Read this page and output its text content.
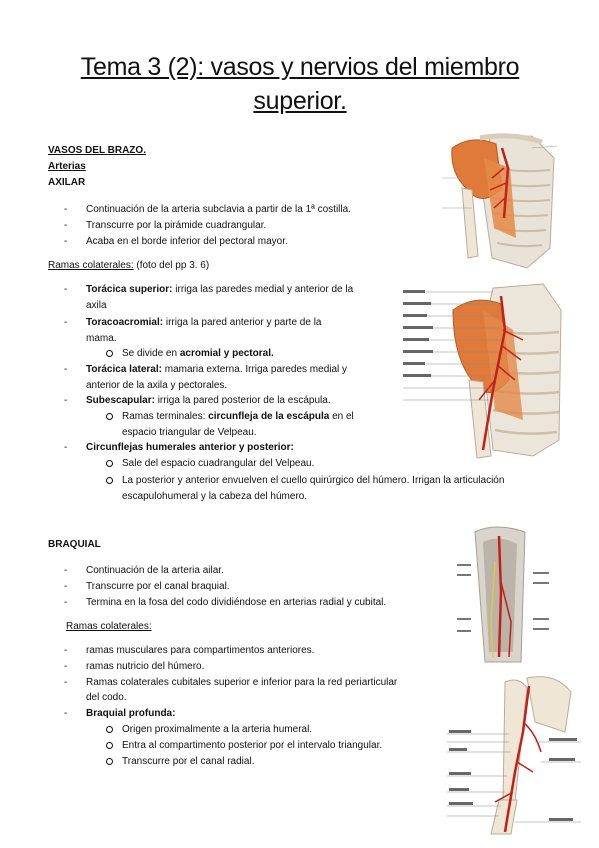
Tema 3 (2): vasos y nervios del miembro
superior.
VASOS DEL BRAZO.
Arterias
AXILAR
- Continuación de la arteria subclavia a partir de la 1ª costilla.
- Transcurre por la pirámide cuadrangular.
- Acaba en el borde inferior del pectoral mayor.
Ramas colaterales: (foto del pp 3. 6)
- Torácica superior: irriga las paredes medial y anterior de la
axila
- Toracoacromial: irriga la pared anterior y parte de la
mama.
Se divide en acromial y pectoral.
- Torácica lateral: mamaria externa. Irriga paredes medial y
anterior de la axila y pectorales.
- Subescapular: irriga la pared posterior de la escápula.
Ramas terminales: circunfleja de la escápula en el
espacio triangular de Velpeau.
- Circunflejas humerales anterior y posterior:
Sale del espacio cuadrangular del Velpeau.
La posterior y anterior envuelven el cuello quirúrgico del húmero. Irrigan la articulación
escapulohumeral y la cabeza del húmero.
BRAQUIAL
- Continuación de la arteria ailar.
- Transcurre por el canal braquial.
- Termina en la fosa del codo dividiéndose en arterias radial y cubital.
Ramas colaterales:
- ramas musculares para compartimentos anteriores.
- ramas nutricio del húmero.
- Ramas colaterales cubitales superior e inferior para la red periarticular
del codo.
- Braquial profunda:
Origen proximalmente a la arteria humeral.
Entra al compartimento posterior por el intervalo triangular.
Transcurre por el canal radial.
